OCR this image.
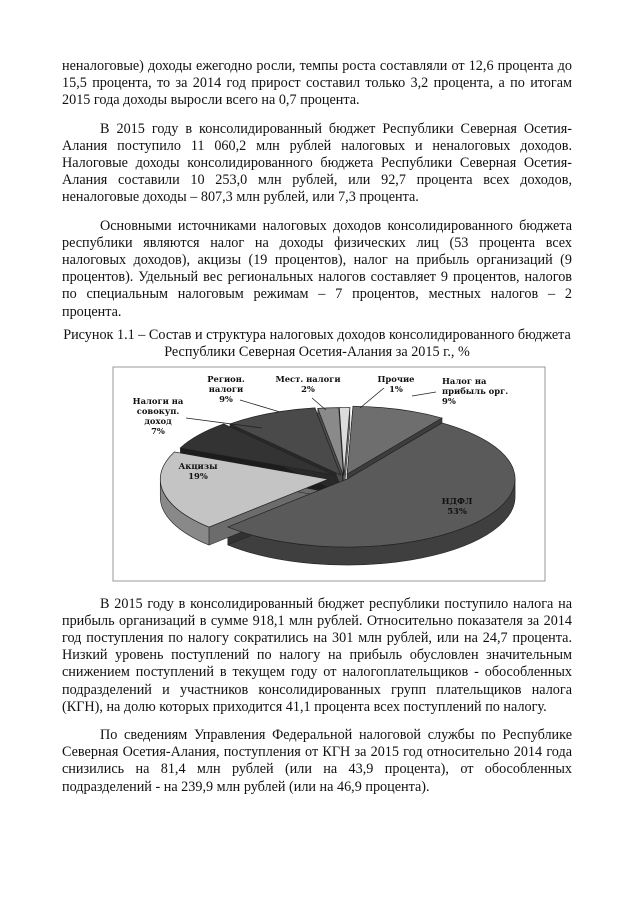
неналоговые) доходы ежегодно росли, темпы роста составляли от 12,6 процента до 15,5 процента, то за 2014 год прирост составил только 3,2 процента, а по итогам 2015 года доходы выросли всего на 0,7 процента.

В 2015 году в консолидированный бюджет Республики Северная Осетия-Алания поступило 11 060,2 млн рублей налоговых и неналоговых доходов. Налоговые доходы консолидированного бюджета Республики Северная Осетия-Алания составили 10 253,0 млн рублей, или 92,7 процента всех доходов, неналоговые доходы – 807,3 млн рублей, или 7,3 процента.

Основными источниками налоговых доходов консолидированного бюджета республики являются налог на доходы физических лиц (53 процента всех налоговых доходов), акцизы (19 процентов), налог на прибыль организаций (9 процентов). Удельный вес региональных налогов составляет 9 процентов, налогов по специальным налоговым режимам – 7 процентов, местных налогов – 2 процента.

Рисунок 1.1 – Состав и структура налоговых доходов консолидированного бюджета Республики Северная Осетия-Алания за 2015 г., %

Налог на прибыль орг. 9%
НДФЛ 53%
Акцизы 19%
Налоги на совокуп. доход 7%
Регион. налоги 9%
Мест. налоги 2%
Прочие 1%

В 2015 году в консолидированный бюджет республики поступило налога на прибыль организаций в сумме 918,1 млн рублей. Относительно показателя за 2014 год поступления по налогу сократились на 301 млн рублей, или на 24,7 процента. Низкий уровень поступлений по налогу на прибыль обусловлен значительным снижением поступлений в текущем году от налогоплательщиков - обособленных подразделений и участников консолидированных групп плательщиков налога (КГН), на долю которых приходится 41,1 процента всех поступлений по налогу.

По сведениям Управления Федеральной налоговой службы по Республике Северная Осетия-Алания, поступления от КГН за 2015 год относительно 2014 года снизились на 81,4 млн рублей (или на 43,9 процента), от обособленных подразделений - на 239,9 млн рублей (или на 46,9 процента).
